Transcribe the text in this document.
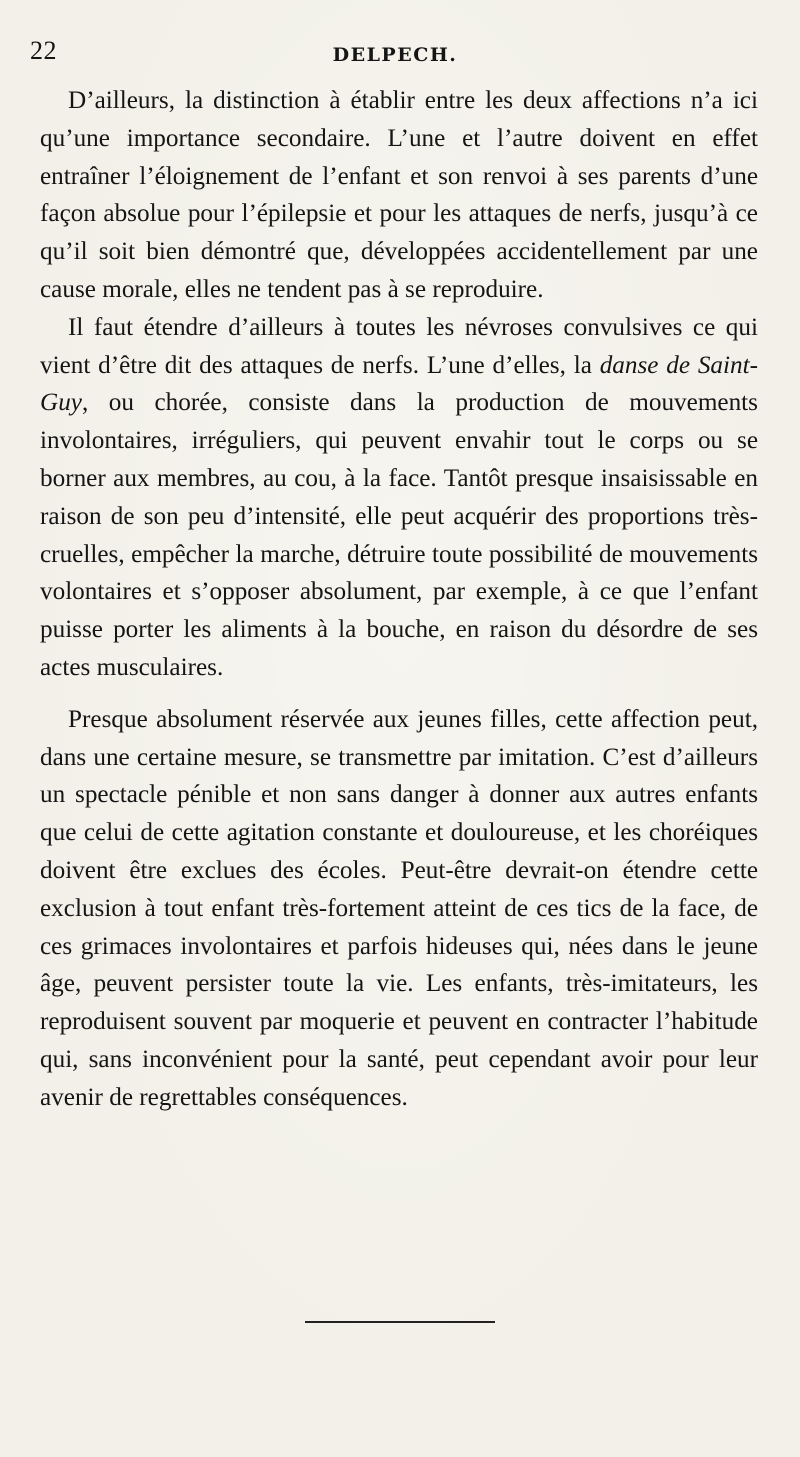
22	DELPECH.

D’ailleurs, la distinction à établir entre les deux affections n’a ici qu’une importance secondaire. L’une et l’autre doivent en effet entraîner l’éloignement de l’enfant et son renvoi à ses parents d’une façon absolue pour l’épilepsie et pour les attaques de nerfs, jusqu’à ce qu’il soit bien démontré que, développées accidentellement par une cause morale, elles ne tendent pas à se reproduire.

Il faut étendre d’ailleurs à toutes les névroses convulsives ce qui vient d’être dit des attaques de nerfs. L’une d’elles, la danse de Saint-Guy, ou chorée, consiste dans la production de mouvements involontaires, irréguliers, qui peuvent envahir tout le corps ou se borner aux membres, au cou, à la face. Tantôt presque insaisissable en raison de son peu d’intensité, elle peut acquérir des proportions très-cruelles, empêcher la marche, détruire toute possibilité de mouvements volontaires et s’opposer absolument, par exemple, à ce que l’enfant puisse porter les aliments à la bouche, en raison du désordre de ses actes musculaires.

Presque absolument réservée aux jeunes filles, cette affection peut, dans une certaine mesure, se transmettre par imitation. C’est d’ailleurs un spectacle pénible et non sans danger à donner aux autres enfants que celui de cette agitation constante et douloureuse, et les choréiques doivent être exclues des écoles. Peut-être devrait-on étendre cette exclusion à tout enfant très-fortement atteint de ces tics de la face, de ces grimaces involontaires et parfois hideuses qui, nées dans le jeune âge, peuvent persister toute la vie. Les enfants, très-imitateurs, les reproduisent souvent par moquerie et peuvent en contracter l’habitude qui, sans inconvénient pour la santé, peut cependant avoir pour leur avenir de regrettables conséquences.
